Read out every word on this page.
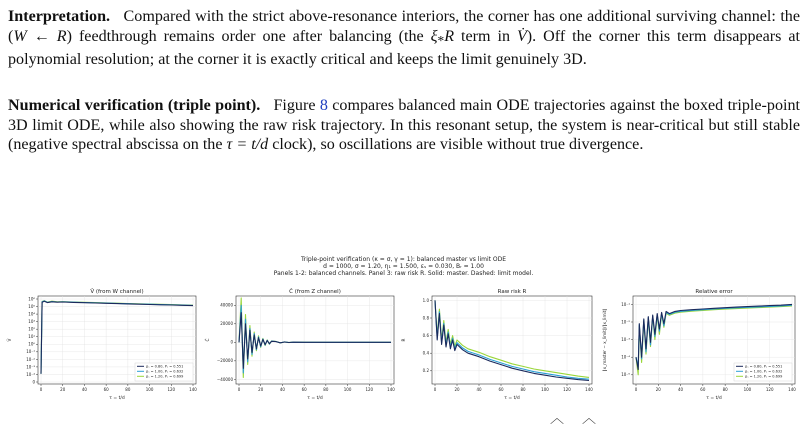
Interpretation. Compared with the strict above-resonance interiors, the corner has one additional surviving channel: the (W ← R) feedthrough remains order one after balancing (the $\xi_*R$ term in V̇). Off the corner this term disappears at polynomial resolution; at the corner it is exactly critical and keeps the limit genuinely 3D.

Numerical verification (triple point). Figure 8 compares balanced main ODE trajectories against the boxed triple-point 3D limit ODE, while also showing the raw risk trajectory. In this resonant setup, the system is near-critical but still stable (negative spectral abscissa on the τ = t/d clock), so oscillations are visible without true divergence.

Triple-point verification (κ = σ, γ = 1): balanced master vs limit ODE
d = 1000, σ = 1.20, η₁ = 1.500, εₛ = 0.030, Bᵣ = 1.00
Panels 1-2: balanced channels. Panel 3: raw risk R. Solid: master. Dashed: limit model.
V̂ (from W channel)
τ = t/d
V̂
0	20	40	60	80	100	120	140
10⁶
10⁵
10⁴
10³
10²
10¹
10⁰
10⁻¹
10⁻²
10⁻³
10⁻⁴
0
ρₛ = 0.80, Pₛ = 0.551
ρₛ = 1.00, Pₛ = 0.632
ρₛ = 1.20, Pₛ = 0.699
Ĉ (from Z channel)
τ = t/d
Ĉ
0	20	40	60	80	100	120	140
40000
20000
0
−20000
−40000
Raw risk R
τ = t/d
R
0	20	40	60	80	100	120	140
1.0
0.8
0.6
0.4
0.2
Relative error
τ = t/d
‖x_master − x_limit‖/‖x_limit‖
0	20	40	60	80	100	120	140
10⁻¹
10⁻²
10⁻³
10⁻⁴
10⁻⁵
ρₛ = 0.80, Pₛ = 0.551
ρₛ = 1.00, Pₛ = 0.632
ρₛ = 1.20, Pₛ = 0.699
︿ ︿
